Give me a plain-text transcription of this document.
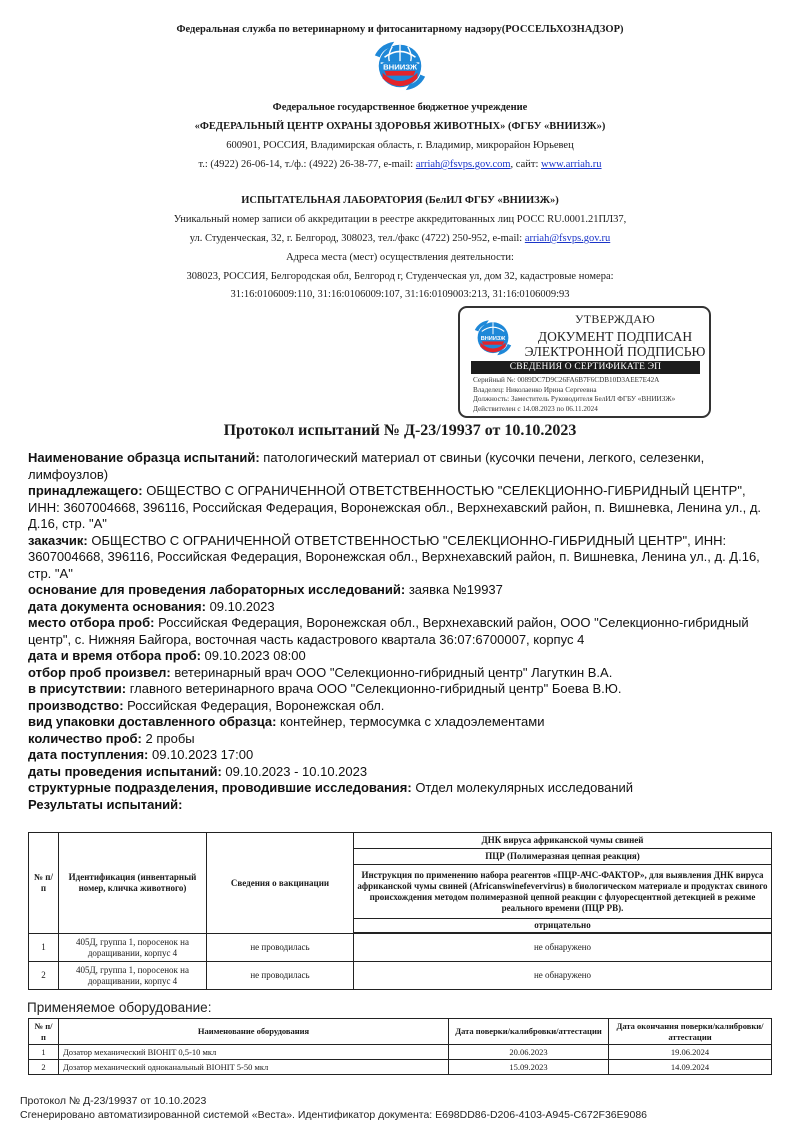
Федеральная служба по ветеринарному и фитосанитарному надзору(РОССЕЛЬХОЗНАДЗОР)
ВНИИЗЖ
Федеральное государственное бюджетное учреждение
«ФЕДЕРАЛЬНЫЙ ЦЕНТР ОХРАНЫ ЗДОРОВЬЯ ЖИВОТНЫХ» (ФГБУ «ВНИИЗЖ»)
600901, РОССИЯ, Владимирская область, г. Владимир, микрорайон Юрьевец
т.: (4922) 26-06-14, т./ф.: (4922) 26-38-77, e-mail: arriah@fsvps.gov.com, сайт: www.arriah.ru
ИСПЫТАТЕЛЬНАЯ ЛАБОРАТОРИЯ (БелИЛ ФГБУ «ВНИИЗЖ»)
Уникальный номер записи об аккредитации в реестре аккредитованных лиц РОСС RU.0001.21ПЛ37,
ул. Студенческая, 32, г. Белгород, 308023, тел./факс (4722) 250-952, e-mail: arriah@fsvps.gov.ru
Адреса места (мест) осуществления деятельности:
308023, РОССИЯ, Белгородская обл, Белгород г, Студенческая ул, дом 32, кадастровые номера:
31:16:0106009:110, 31:16:0106009:107, 31:16:0109003:213, 31:16:0106009:93
ВНИИЗЖ
УТВЕРЖДАЮ
ДОКУМЕНТ ПОДПИСАН
ЭЛЕКТРОННОЙ ПОДПИСЬЮ
СВЕДЕНИЯ О СЕРТИФИКАТЕ ЭП
Серийный №: 0089DC7D9C26FA6B7F6CDB10D3AEE7E42A
Владелец: Николаенко Ирина Сергеевна
Должность: Заместитель Руководителя БелИЛ ФГБУ «ВНИИЗЖ»
Действителен с 14.08.2023 по 06.11.2024
Протокол испытаний № Д-23/19937 от 10.10.2023

Наименование образца испытаний: патологический материал от свиньи (кусочки печени, легкого, селезенки, лимфоузлов)

принадлежащего: ОБЩЕСТВО С ОГРАНИЧЕННОЙ ОТВЕТСТВЕННОСТЬЮ "СЕЛЕКЦИОННО-ГИБРИДНЫЙ ЦЕНТР", ИНН: 3607004668, 396116, Российская Федерация, Воронежская обл., Верхнехавский район, п. Вишневка, Ленина ул., д. Д.16, стр. "А"

заказчик: ОБЩЕСТВО С ОГРАНИЧЕННОЙ ОТВЕТСТВЕННОСТЬЮ "СЕЛЕКЦИОННО-ГИБРИДНЫЙ ЦЕНТР", ИНН: 3607004668, 396116, Российская Федерация, Воронежская обл., Верхнехавский район, п. Вишневка, Ленина ул., д. Д.16, стр. "А"

основание для проведения лабораторных исследований: заявка №19937

дата документа основания: 09.10.2023

место отбора проб: Российская Федерация, Воронежская обл., Верхнехавский район, ООО "Селекционно-гибридный центр", с. Нижняя Байгора, восточная часть кадастрового квартала 36:07:6700007, корпус 4

дата и время отбора проб: 09.10.2023 08:00

отбор проб произвел: ветеринарный врач ООО "Селекционно-гибридный центр" Лагуткин В.А.

в присутствии: главного ветеринарного врача ООО "Селекционно-гибридный центр" Боева В.Ю.

производство: Российская Федерация, Воронежская обл.

вид упаковки доставленного образца: контейнер, термосумка с хладоэлементами

количество проб: 2 пробы

дата поступления: 09.10.2023 17:00

даты проведения испытаний: 09.10.2023 - 10.10.2023

структурные подразделения, проводившие исследования: Отдел молекулярных исследований

Результаты испытаний:

№ п/п	Идентификация (инвентарный номер, кличка животного)	Сведения о вакцинации	ДНК вируса африканской чумы свиней
			ПЦР (Полимеразная цепная реакция)
			Инструкция по применению набора реагентов «ПЦР-АЧС-ФАКТОР», для выявления ДНК вируса африканской чумы свиней (Africanswinefevervirus) в биологическом материале и продуктах свиного происхождения методом полимеразной цепной реакции с флуоресцентной детекцией в режиме реального времени (ПЦР РВ).
			отрицательно

1	405Д, группа 1, поросенок на доращивании, корпус 4	не проводилась	не обнаружено
2	405Д, группа 1, поросенок на доращивании, корпус 4	не проводилась	не обнаружено
Применяемое оборудование:
№ п/п	Наименование оборудования	Дата поверки/калибровки/аттестации	Дата окончания поверки/калибровки/аттестации
1	Дозатор механический BIOHIT 0,5-10 мкл	20.06.2023	19.06.2024
2	Дозатор механический одноканальный BIOHIT 5-50 мкл	15.09.2023	14.09.2024
Протокол № Д-23/19937 от 10.10.2023
Сгенерировано автоматизированной системой «Веста». Идентификатор документа: E698DD86-D206-4103-A945-C672F36E9086
